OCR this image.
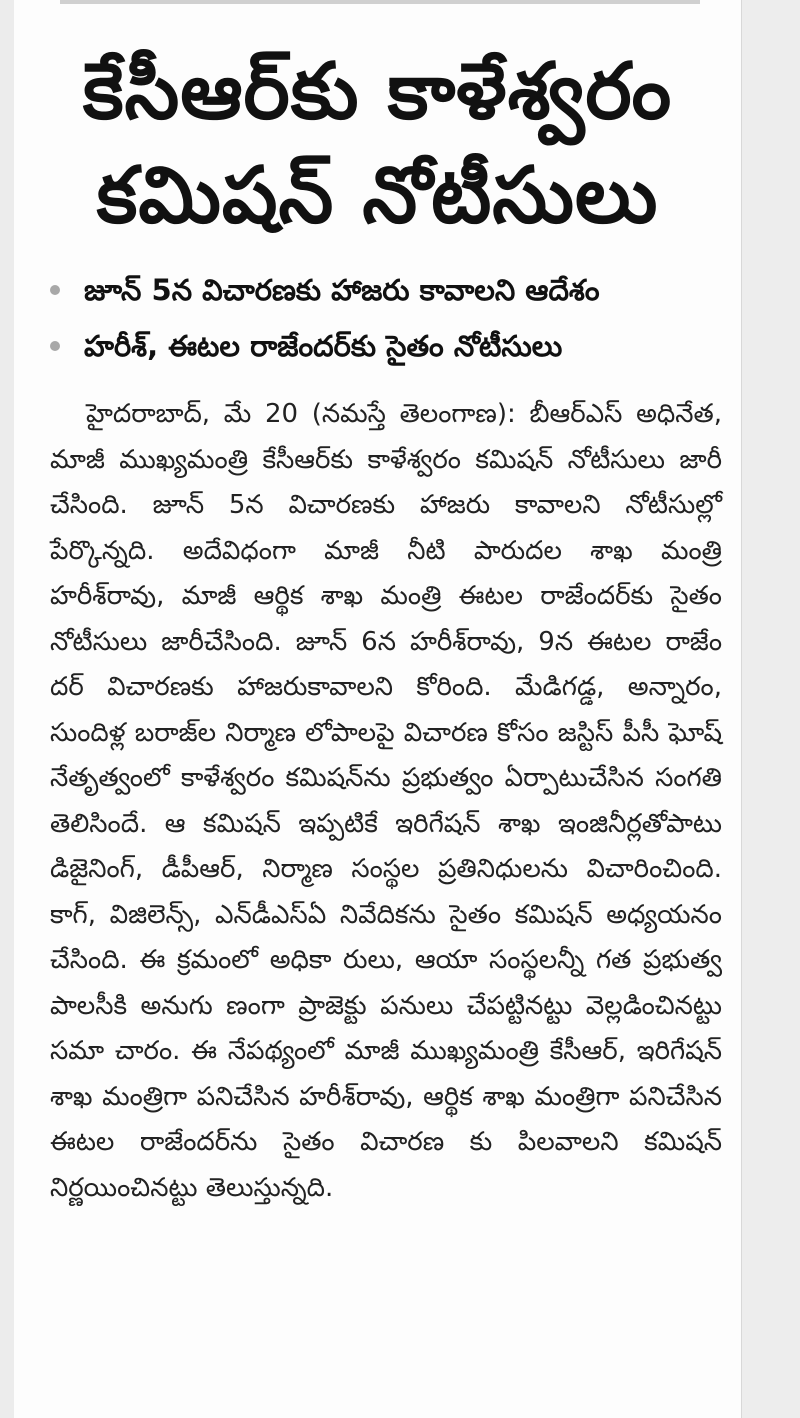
కేసీఆర్‌కు కాళేశ్వరం
కమిషన్ నోటీసులు
జూన్ 5న విచారణకు హాజరు కావాలని ఆదేశం
హరీశ్, ఈటల రాజేందర్‌కు సైతం నోటీసులు
హైదరాబాద్, మే 20 (నమస్తే తెలంగాణ): బీఆర్‌ఎస్ అధినేత, మాజీ ముఖ్యమంత్రి కేసీఆర్‌కు కాళేశ్వరం కమిషన్ నోటీసులు జారీ చేసింది. జూన్ 5న విచారణకు హాజరు కావాలని నోటీసుల్లో పేర్కొన్నది. అదేవిధంగా మాజీ నీటి పారుదల శాఖ మంత్రి హరీశ్‌రావు, మాజీ ఆర్థిక శాఖ మంత్రి ఈటల రాజేందర్‌కు సైతం నోటీసులు జారీచేసింది. జూన్ 6న హరీశ్‌రావు, 9న ఈటల రాజేం దర్ విచారణకు హాజరుకావాలని కోరింది. మేడిగడ్డ, అన్నారం, సుందిళ్ల బరాజ్‌ల నిర్మాణ లోపాలపై విచారణ కోసం జస్టిస్ పీసీ ఘోష్ నేతృత్వంలో కాళేశ్వరం కమిషన్‌ను ప్రభుత్వం ఏర్పాటుచేసిన సంగతి తెలిసిందే. ఆ కమిషన్ ఇప్పటికే ఇరిగేషన్ శాఖ ఇంజినీర్లతోపాటు డిజైనింగ్, డీపీఆర్, నిర్మాణ సంస్థల ప్రతినిధులను విచారించింది. కాగ్, విజిలెన్స్, ఎన్‌డీఎస్‌ఏ నివేదికను సైతం కమిషన్ అధ్యయనం చేసింది. ఈ క్రమంలో అధికా రులు, ఆయా సంస్థలన్నీ గత ప్రభుత్వ పాలసీకి అనుగు ణంగా ప్రాజెక్టు పనులు చేపట్టినట్టు వెల్లడించినట్టు సమా చారం. ఈ నేపథ్యంలో మాజీ ముఖ్యమంత్రి కేసీఆర్, ఇరిగేషన్ శాఖ మంత్రిగా పనిచేసిన హరీశ్‌రావు, ఆర్థిక శాఖ మంత్రిగా పనిచేసిన ఈటల రాజేందర్‌ను సైతం విచారణ కు పిలవాలని కమిషన్ నిర్ణయించినట్టు తెలుస్తున్నది.
